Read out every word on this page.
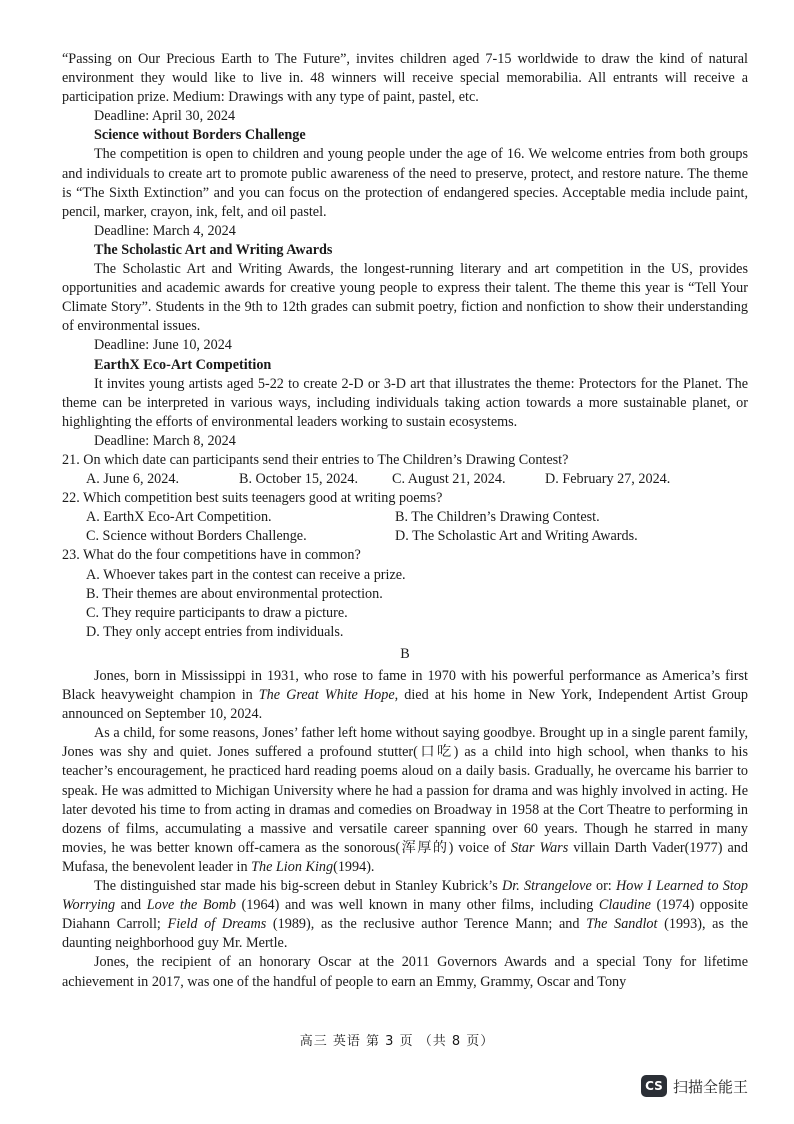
“Passing on Our Precious Earth to The Future”, invites children aged 7-15 worldwide to draw the kind of natural environment they would like to live in. 48 winners will receive special memorabilia. All entrants will receive a participation prize. Medium: Drawings with any type of paint, pastel, etc.

Deadline: April 30, 2024

Science without Borders Challenge

The competition is open to children and young people under the age of 16. We welcome entries from both groups and individuals to create art to promote public awareness of the need to preserve, protect, and restore nature. The theme is “The Sixth Extinction” and you can focus on the protection of endangered species. Acceptable media include paint, pencil, marker, crayon, ink, felt, and oil pastel.

Deadline: March 4, 2024

The Scholastic Art and Writing Awards

The Scholastic Art and Writing Awards, the longest-running literary and art competition in the US, provides opportunities and academic awards for creative young people to express their talent. The theme this year is “Tell Your Climate Story”. Students in the 9th to 12th grades can submit poetry, fiction and nonfiction to show their understanding of environmental issues.

Deadline: June 10, 2024

EarthX Eco-Art Competition

It invites young artists aged 5-22 to create 2-D or 3-D art that illustrates the theme: Protectors for the Planet. The theme can be interpreted in various ways, including individuals taking action towards a more sustainable planet, or highlighting the efforts of environmental leaders working to sustain ecosystems.

Deadline: March 8, 2024

21. On which date can participants send their entries to The Children’s Drawing Contest?

A. June 6, 2024.	B. October 15, 2024.	C. August 21, 2024.	D. February 27, 2024.

22. Which competition best suits teenagers good at writing poems?

A. EarthX Eco-Art Competition.	B. The Children’s Drawing Contest.
C. Science without Borders Challenge.	D. The Scholastic Art and Writing Awards.

23. What do the four competitions have in common?

A. Whoever takes part in the contest can receive a prize.

B. Their themes are about environmental protection.

C. They require participants to draw a picture.

D. They only accept entries from individuals.

B

Jones, born in Mississippi in 1931, who rose to fame in 1970 with his powerful performance as America’s first Black heavyweight champion in The Great White Hope, died at his home in New York, Independent Artist Group announced on September 10, 2024.

As a child, for some reasons, Jones’ father left home without saying goodbye. Brought up in a single parent family, Jones was shy and quiet. Jones suffered a profound stutter(口吃) as a child into high school, when thanks to his teacher’s encouragement, he practiced hard reading poems aloud on a daily basis. Gradually, he overcame his barrier to speak. He was admitted to Michigan University where he had a passion for drama and was highly involved in acting. He later devoted his time to from acting in dramas and comedies on Broadway in 1958 at the Cort Theatre to performing in dozens of films, accumulating a massive and versatile career spanning over 60 years. Though he starred in many movies, he was better known off-camera as the sonorous(浑厚的) voice of Star Wars villain Darth Vader(1977) and Mufasa, the benevolent leader in The Lion King(1994).

The distinguished star made his big-screen debut in Stanley Kubrick’s Dr. Strangelove or: How I Learned to Stop Worrying and Love the Bomb (1964) and was well known in many other films, including Claudine (1974) opposite Diahann Carroll; Field of Dreams (1989), as the reclusive author Terence Mann; and The Sandlot (1993), as the daunting neighborhood guy Mr. Mertle.

Jones, the recipient of an honorary Oscar at the 2011 Governors Awards and a special Tony for lifetime achievement in 2017, was one of the handful of people to earn an Emmy, Grammy, Oscar and Tony

高三 英语 第 3 页 （共 8 页）
CS 扫描全能王
